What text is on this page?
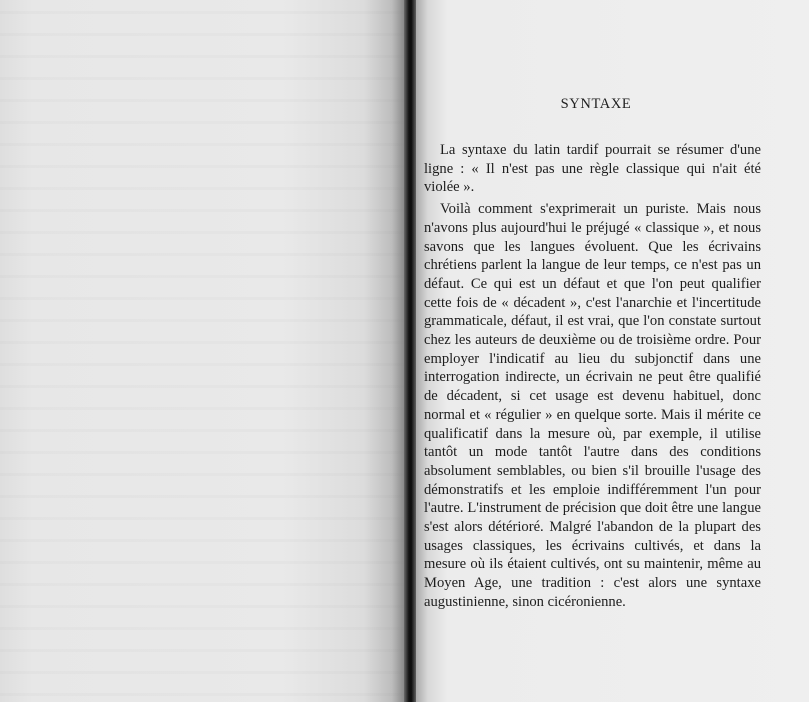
SYNTAXE

La syntaxe du latin tardif pourrait se résumer d'une ligne : « Il n'est pas une règle classique qui n'ait été violée ».

Voilà comment s'exprimerait un puriste. Mais nous n'avons plus aujourd'hui le préjugé « classique », et nous savons que les langues évoluent. Que les écrivains chrétiens parlent la langue de leur temps, ce n'est pas un défaut. Ce qui est un défaut et que l'on peut qualifier cette fois de « décadent », c'est l'anarchie et l'incertitude grammaticale, défaut, il est vrai, que l'on constate surtout chez les auteurs de deuxième ou de troisième ordre. Pour employer l'indicatif au lieu du subjonctif dans une interrogation indirecte, un écrivain ne peut être qualifié de décadent, si cet usage est devenu habituel, donc normal et « régulier » en quelque sorte. Mais il mérite ce qualificatif dans la mesure où, par exemple, il utilise tantôt un mode tantôt l'autre dans des conditions absolument semblables, ou bien s'il brouille l'usage des démonstratifs et les emploie indifféremment l'un pour l'autre. L'instrument de précision que doit être une langue s'est alors détérioré. Malgré l'abandon de la plupart des usages classiques, les écrivains cultivés, et dans la mesure où ils étaient cultivés, ont su maintenir, même au Moyen Age, une tradition : c'est alors une syntaxe augustinienne, sinon cicéronienne.
